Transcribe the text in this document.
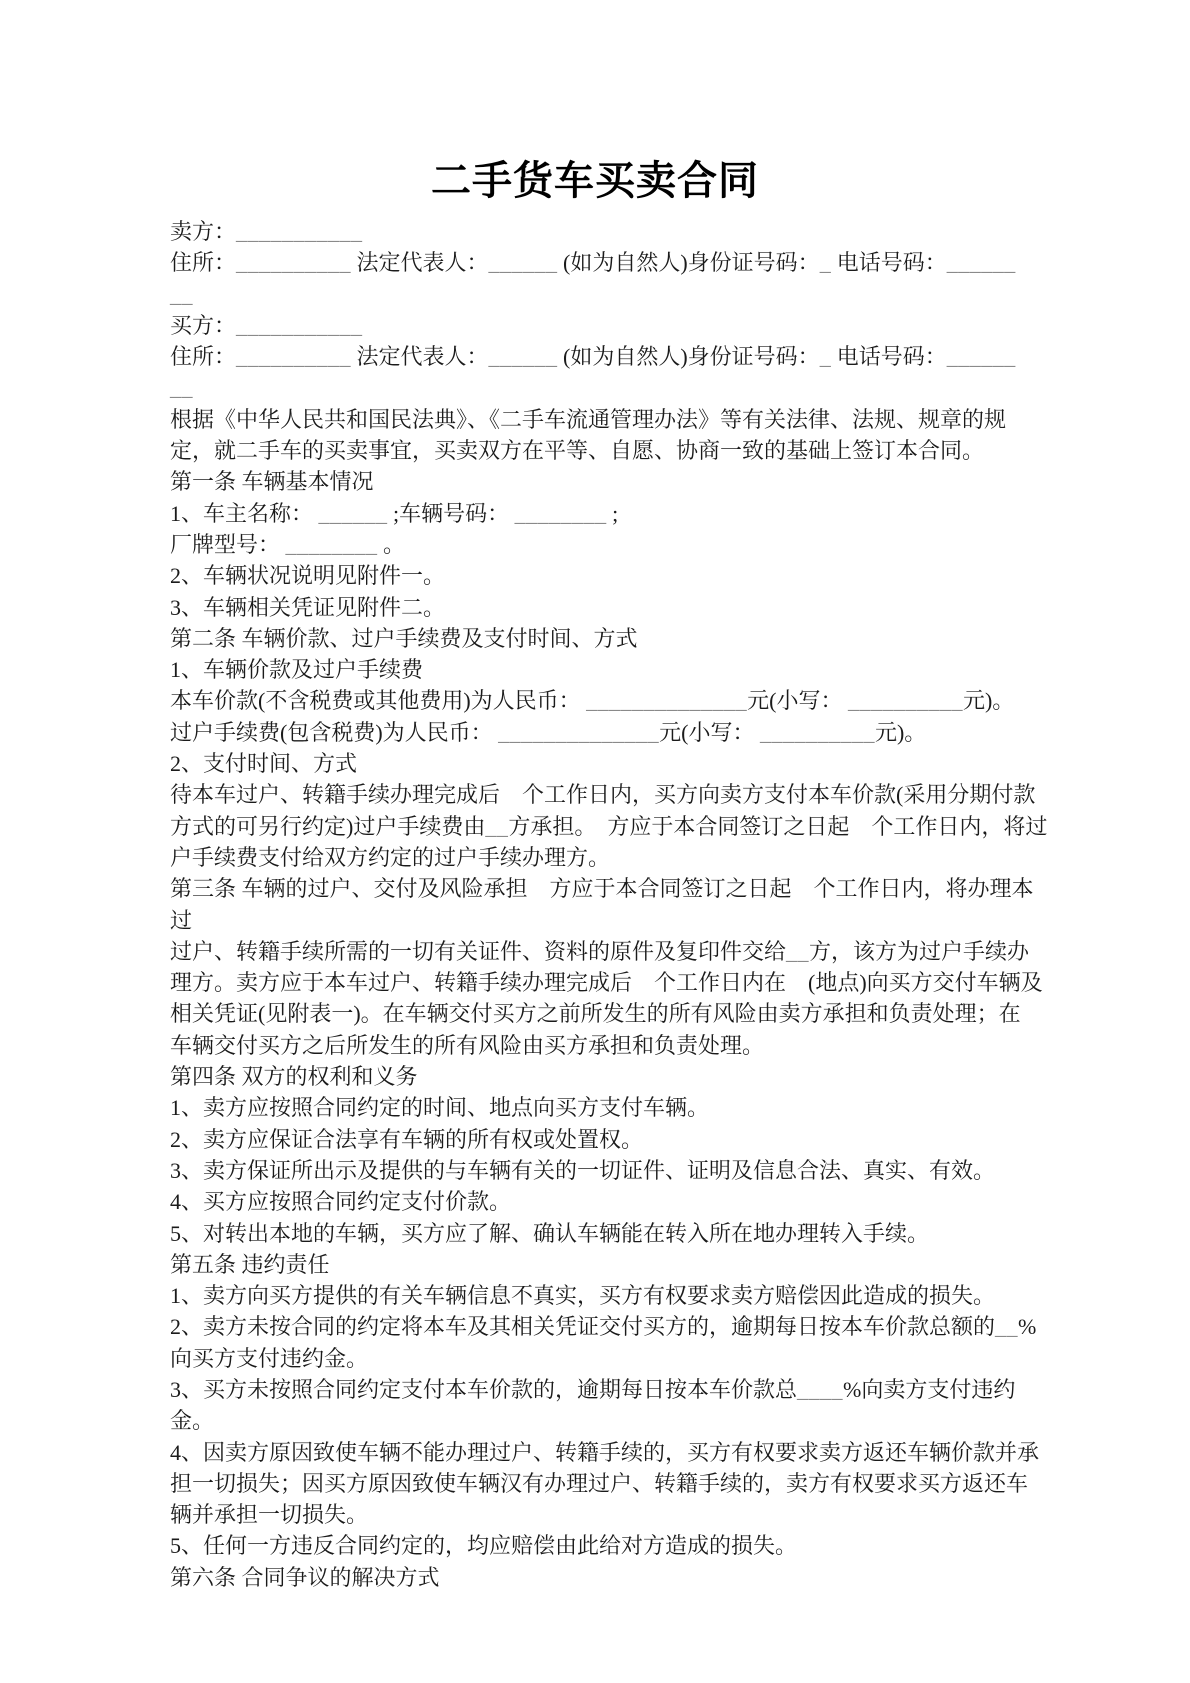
二手货车买卖合同

卖方：___________

住所：__________ 法定代表人：______ (如为自然人)身份证号码：_ 电话号码：______

__

买方：___________

住所：__________ 法定代表人：______ (如为自然人)身份证号码：_ 电话号码：______

__

根据《中华人民共和国民法典》、《二手车流通管理办法》等有关法律、法规、规章的规

定，就二手车的买卖事宜，买卖双方在平等、自愿、协商一致的基础上签订本合同。

第一条 车辆基本情况

1、车主名称： ______ ;车辆号码： ________ ;

厂牌型号： ________ 。

2、车辆状况说明见附件一。

3、车辆相关凭证见附件二。

第二条 车辆价款、过户手续费及支付时间、方式

1、车辆价款及过户手续费

本车价款(不含税费或其他费用)为人民币： ______________元(小写： __________元)。

过户手续费(包含税费)为人民币： ______________元(小写： __________元)。

2、支付时间、方式

待本车过户、转籍手续办理完成后　个工作日内，买方向卖方支付本车价款(采用分期付款

方式的可另行约定)过户手续费由__方承担。　方应于本合同签订之日起　个工作日内，将过

户手续费支付给双方约定的过户手续办理方。

第三条 车辆的过户、交付及风险承担　方应于本合同签订之日起　个工作日内，将办理本过

过户、转籍手续所需的一切有关证件、资料的原件及复印件交给__方，该方为过户手续办

理方。卖方应于本车过户、转籍手续办理完成后　个工作日内在　(地点)向买方交付车辆及

相关凭证(见附表一)。在车辆交付买方之前所发生的所有风险由卖方承担和负责处理；在

车辆交付买方之后所发生的所有风险由买方承担和负责处理。

第四条 双方的权利和义务

1、卖方应按照合同约定的时间、地点向买方支付车辆。

2、卖方应保证合法享有车辆的所有权或处置权。

3、卖方保证所出示及提供的与车辆有关的一切证件、证明及信息合法、真实、有效。

4、买方应按照合同约定支付价款。

5、对转出本地的车辆，买方应了解、确认车辆能在转入所在地办理转入手续。

第五条 违约责任

1、卖方向买方提供的有关车辆信息不真实，买方有权要求卖方赔偿因此造成的损失。

2、卖方未按合同的约定将本车及其相关凭证交付买方的，逾期每日按本车价款总额的__%

向买方支付违约金。

3、买方未按照合同约定支付本车价款的，逾期每日按本车价款总____%向卖方支付违约金。

4、因卖方原因致使车辆不能办理过户、转籍手续的，买方有权要求卖方返还车辆价款并承

担一切损失；因买方原因致使车辆汉有办理过户、转籍手续的，卖方有权要求买方返还车

辆并承担一切损失。

5、任何一方违反合同约定的，均应赔偿由此给对方造成的损失。

第六条 合同争议的解决方式
